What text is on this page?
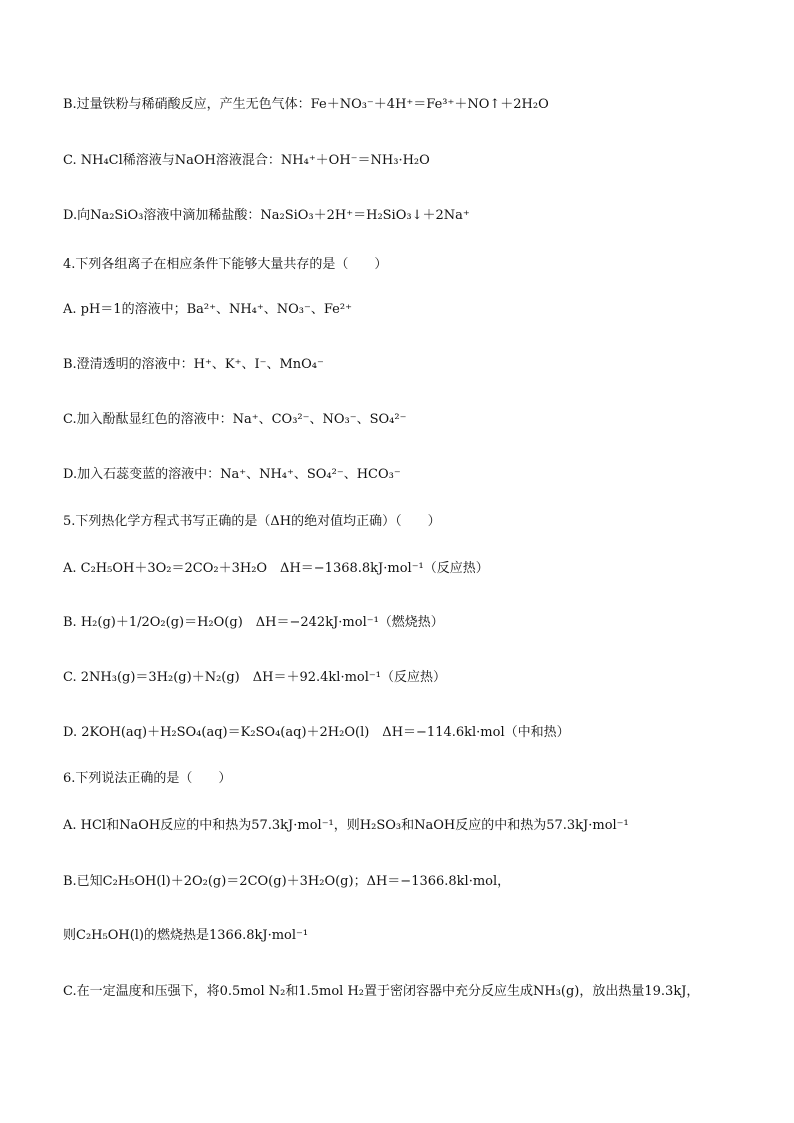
B.过量铁粉与稀硝酸反应，产生无色气体：Fe＋NO₃⁻＋4H⁺＝Fe³⁺＋NO↑＋2H₂O
C. NH₄Cl稀溶液与NaOH溶液混合：NH₄⁺＋OH⁻＝NH₃·H₂O
D.向Na₂SiO₃溶液中滴加稀盐酸：Na₂SiO₃＋2H⁺＝H₂SiO₃↓＋2Na⁺
4.下列各组离子在相应条件下能够大量共存的是（　　）
A. pH＝1的溶液中；Ba²⁺、NH₄⁺、NO₃⁻、Fe²⁺
B.澄清透明的溶液中：H⁺、K⁺、I⁻、MnO₄⁻
C.加入酚酞显红色的溶液中：Na⁺、CO₃²⁻、NO₃⁻、SO₄²⁻
D.加入石蕊变蓝的溶液中：Na⁺、NH₄⁺、SO₄²⁻、HCO₃⁻
5.下列热化学方程式书写正确的是（ΔH的绝对值均正确）（　　）
A. C₂H₅OH＋3O₂＝2CO₂＋3H₂O　ΔH＝−1368.8kJ·mol⁻¹（反应热）
B. H₂(g)＋1/2O₂(g)＝H₂O(g)　ΔH＝−242kJ·mol⁻¹（燃烧热）
C. 2NH₃(g)＝3H₂(g)＋N₂(g)　ΔH＝＋92.4kl·mol⁻¹（反应热）
D. 2KOH(aq)＋H₂SO₄(aq)＝K₂SO₄(aq)＋2H₂O(l)　ΔH＝−114.6kl·mol（中和热）
6.下列说法正确的是（　　）
A. HCl和NaOH反应的中和热为57.3kJ·mol⁻¹，则H₂SO₃和NaOH反应的中和热为57.3kJ·mol⁻¹
B.已知C₂H₅OH(l)＋2O₂(g)＝2CO(g)＋3H₂O(g)；ΔH＝−1366.8kl·mol，
则C₂H₅OH(l)的燃烧热是1366.8kJ·mol⁻¹
C.在一定温度和压强下，将0.5mol N₂和1.5mol H₂置于密闭容器中充分反应生成NH₃(g)，放出热量19.3kJ，
